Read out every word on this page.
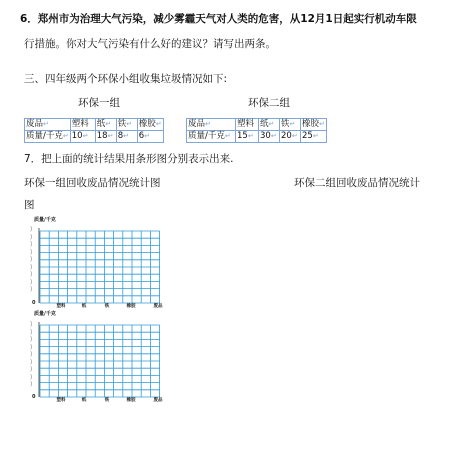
6．郑州市为治理大气污染，减少雾霾天气对人类的危害，从12月1日起实行机动车限
行措施。你对大气污染有什么好的建议？请写出两条。
三、四年级两个环保小组收集垃圾情况如下:
环保一组	环保二组
废品↵	塑料	纸↵	铁↵	橡胶↵
质量/千克↵	10↵	18↵	8↵	6↵
废品↵	塑料	纸↵	铁↵	橡胶↵
质量/千克↵	15↵	30↵	20↵	25↵
7．把上面的统计结果用条形图分别表示出来.
环保一组回收废品情况统计图	环保二组回收废品情况统计
图
质量/千克
)
)
)
)
)
)
)
)
)
0
塑料	纸	铁	橡胶	废品
质量/千克
)
)
)
)
)
)
)
)
)
0
塑料	纸	铁	橡胶	废品
